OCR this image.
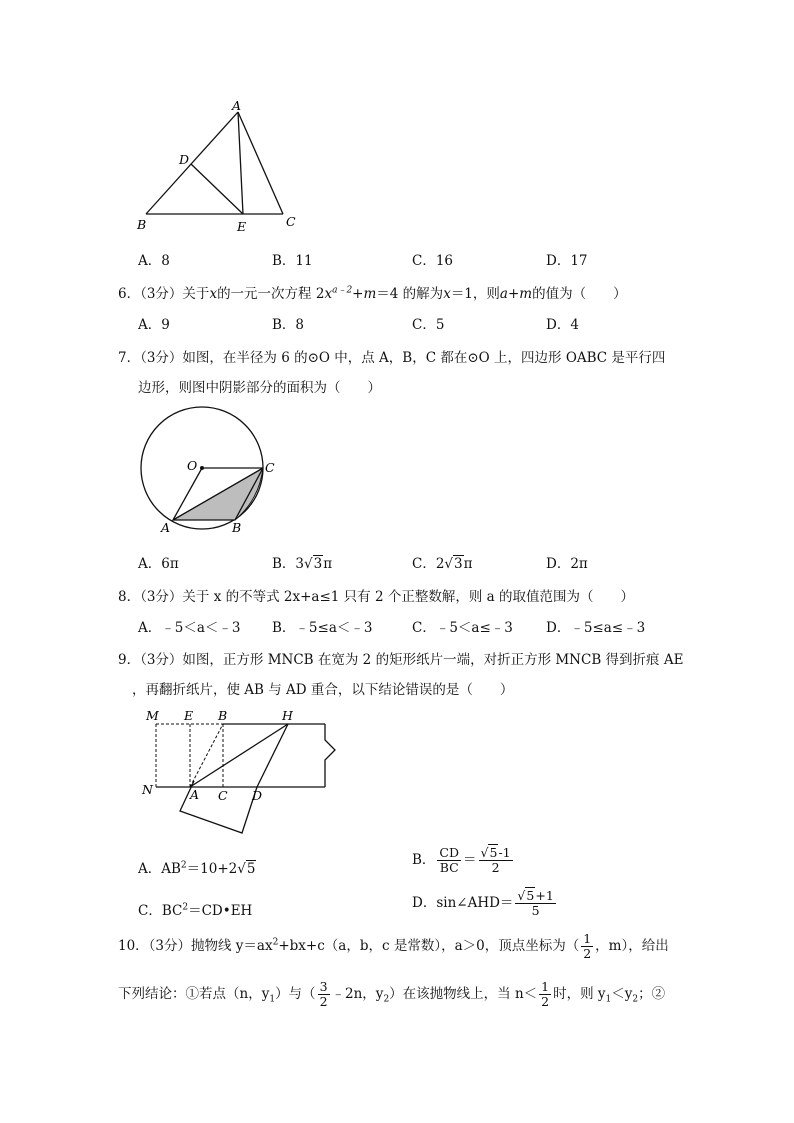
A
D
B	E	C
A．8	B．11	C．16	D．17
6．（3分）关于x的一元一次方程 $2x^{a﹣2}+m=4$ 的解为x＝1，则a+m的值为（　　）
A．9	B．8	C．5	D．4
7．（3分）如图，在半径为 6 的⊙O 中，点 A，B，C 都在⊙O 上，四边形 OABC 是平行四
边形，则图中阴影部分的面积为（　　）
O	C
A	B
A．6π	B．3√3π	C．2√3π	D．2π
8．（3分）关于 x 的不等式 2x+a≤1 只有 2 个正整数解，则 a 的取值范围为（　　）
A．﹣5＜a＜﹣3 B．﹣5≤a＜﹣3	C．﹣5＜a≤﹣3 D．﹣5≤a≤﹣3
9．（3分）如图，正方形 MNCB 在宽为 2 的矩形纸片一端，对折正方形 MNCB 得到折痕 AE
，再翻折纸片，使 AB 与 AD 重合，以下结论错误的是（　　）
M E B	H
N	A C D
A．$AB^2=10+2√5$
B． $\frac{CD}{BC} = \frac{√5-1}{2}$
C．$BC^2=CD•EH$	D．sin∠AHD＝ $\frac{√5+1}{5}$
10．（3分）抛物线 $y=ax^2+bx+c(a$，b，c 是常数），a＞0，顶点坐标为（ $\frac{1}{2}$ ，m），给出
下列结论：①若点（n，$y_1$）与（ $\frac{3}{2}$ ﹣2n，$y_2$）在该抛物线上，当 $n< \frac{1}{2}$ 时，则 $y_1<y_2$；②
